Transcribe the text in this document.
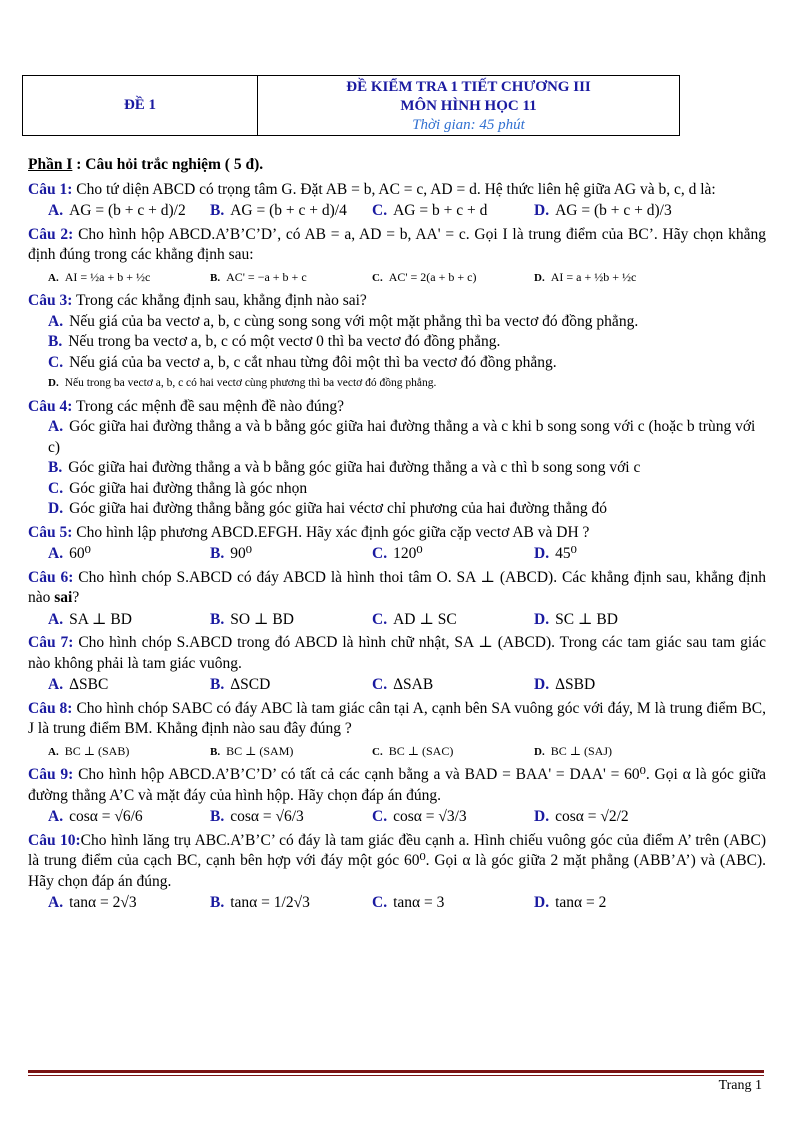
ĐỀ 1
ĐỀ KIỂM TRA 1 TIẾT CHƯƠNG III
MÔN HÌNH HỌC 11
Thời gian: 45 phút
Phần I : Câu hỏi trắc nghiệm ( 5 đ).
Câu 1: Cho tứ diện ABCD có trọng tâm G. Đặt AB = b, AC = c, AD = d. Hệ thức liên hệ giữa AG và b, c, d là:
A. AG = (b + c + d)/2	B. AG = (b + c + d)/4	C. AG = b + c + d	D. AG = (b + c + d)/3
Câu 2: Cho hình hộp ABCD.A’B’C’D’, có AB = a, AD = b, AA' = c. Gọi I là trung điểm của BC’. Hãy chọn khẳng định đúng trong các khẳng định sau:
A. AI = ½a + b + ½c	B. AC' = −a + b + c	C. AC' = 2(a + b + c)	D. AI = a + ½b + ½c
Câu 3: Trong các khẳng định sau, khẳng định nào sai?
A. Nếu giá của ba vectơ a, b, c cùng song song với một mặt phẳng thì ba vectơ đó đồng phẳng.
B. Nếu trong ba vectơ a, b, c có một vectơ 0 thì ba vectơ đó đồng phẳng.
C. Nếu giá của ba vectơ a, b, c cắt nhau từng đôi một thì ba vectơ đó đồng phẳng.
D. Nếu trong ba vectơ a, b, c có hai vectơ cùng phương thì ba vectơ đó đồng phẳng.
Câu 4: Trong các mệnh đề sau mệnh đề nào đúng?
A. Góc giữa hai đường thẳng a và b bằng góc giữa hai đường thẳng a và c khi b song song với c (hoặc b trùng với c)
B. Góc giữa hai đường thẳng a và b bằng góc giữa hai đường thẳng a và c thì b song song với c
C. Góc giữa hai đường thẳng là góc nhọn
D. Góc giữa hai đường thẳng bằng góc giữa hai véctơ chỉ phương của hai đường thẳng đó
Câu 5: Cho hình lập phương ABCD.EFGH. Hãy xác định góc giữa cặp vectơ AB và DH ?
A. 60⁰	B. 90⁰	C. 120⁰	D. 45⁰
Câu 6: Cho hình chóp S.ABCD có đáy ABCD là hình thoi tâm O. SA ⊥ (ABCD). Các khẳng định sau, khẳng định nào sai?
A. SA ⊥ BD	B. SO ⊥ BD	C. AD ⊥ SC	D. SC ⊥ BD
Câu 7: Cho hình chóp S.ABCD trong đó ABCD là hình chữ nhật, SA ⊥ (ABCD). Trong các tam giác sau tam giác nào không phải là tam giác vuông.
A. ΔSBC	B. ΔSCD	C. ΔSAB	D. ΔSBD
Câu 8: Cho hình chóp SABC có đáy ABC là tam giác cân tại A, cạnh bên SA vuông góc với đáy, M là trung điểm BC, J là trung điểm BM. Khẳng định nào sau đây đúng ?
A. BC ⊥ (SAB)	B. BC ⊥ (SAM)	C. BC ⊥ (SAC)	D. BC ⊥ (SAJ)
Câu 9: Cho hình hộp ABCD.A’B’C’D’ có tất cả các cạnh bằng a và BAD = BAA' = DAA' = 60⁰. Gọi α là góc giữa đường thẳng A’C và mặt đáy của hình hộp. Hãy chọn đáp án đúng.
A. cosα = √6/6	B. cosα = √6/3	C. cosα = √3/3	D. cosα = √2/2
Câu 10:Cho hình lăng trụ ABC.A’B’C’ có đáy là tam giác đều cạnh a. Hình chiếu vuông góc của điểm A’ trên (ABC) là trung điểm của cạch BC, cạnh bên hợp với đáy một góc 60⁰. Gọi α là góc giữa 2 mặt phẳng (ABB’A’) và (ABC). Hãy chọn đáp án đúng.
A. tanα = 2√3	B. tanα = 1/2√3	C. tanα = 3	D. tanα = 2
Trang 1
